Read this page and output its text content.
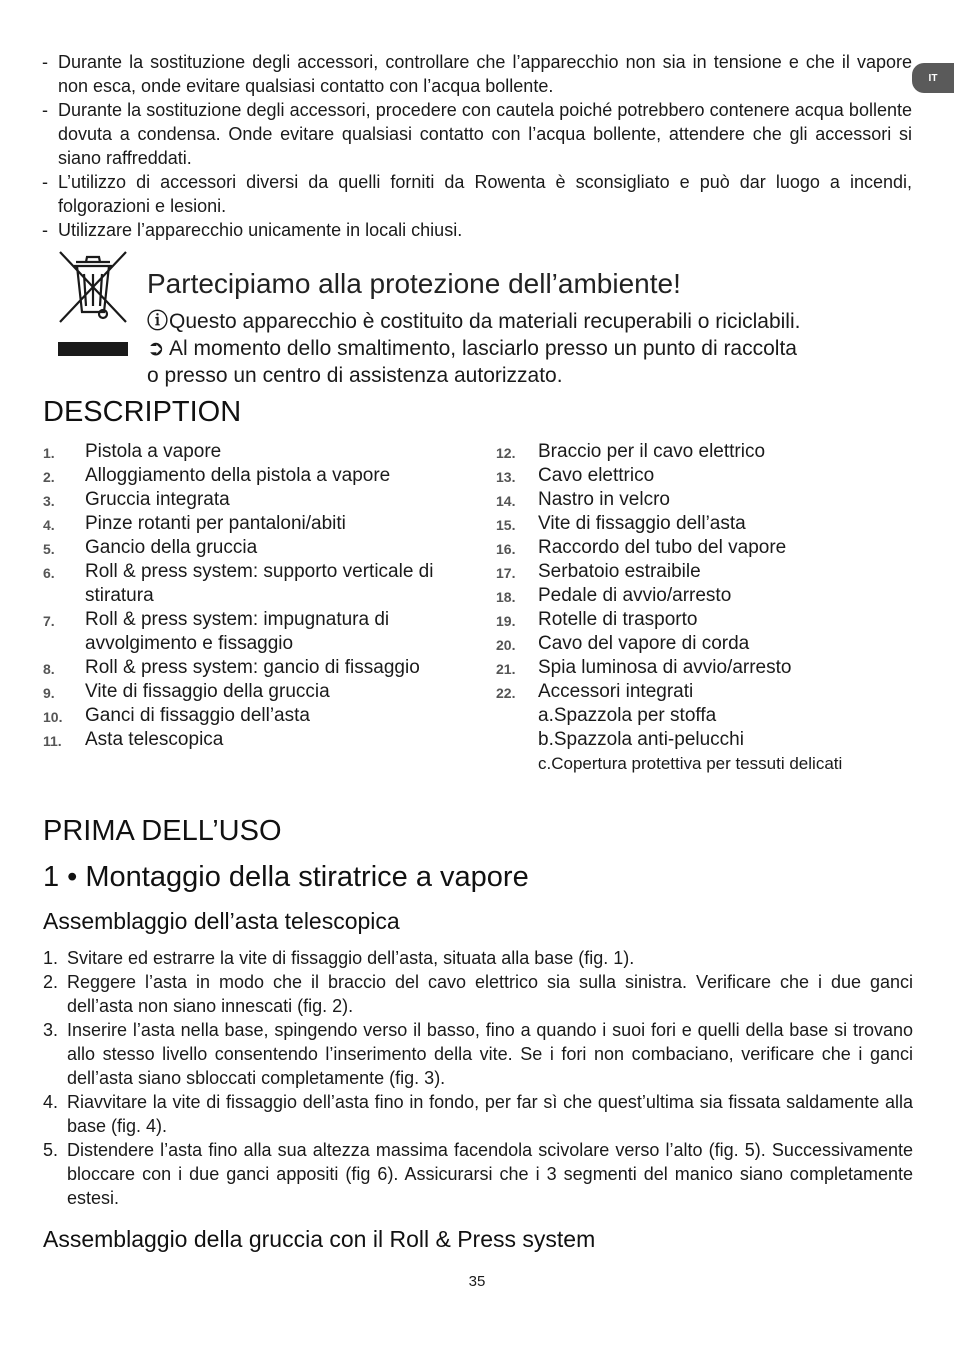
IT
- Durante la sostituzione degli accessori, controllare che l’apparecchio non sia in tensione e che il vapore non esca, onde evitare qualsiasi contatto con l’acqua bollente.
- Durante la sostituzione degli accessori, procedere con cautela poiché potrebbero contenere acqua bollente dovuta a condensa. Onde evitare qualsiasi contatto con l’acqua bollente, attendere che gli accessori si siano raffreddati.
- L’utilizzo di accessori diversi da quelli forniti da Rowenta è sconsigliato e può dar luogo a incendi, folgorazioni e lesioni.
- Utilizzare l’apparecchio unicamente in locali chiusi.
Partecipiamo alla protezione dell’ambiente!
ⓘQuesto apparecchio è costituito da materiali recuperabili o riciclabili.
➲ Al momento dello smaltimento, lasciarlo presso un punto di raccolta
o presso un centro di assistenza autorizzato.
DESCRIPTION
1. Pistola a vapore
2. Alloggiamento della pistola a vapore
3. Gruccia integrata
4. Pinze rotanti per pantaloni/abiti
5. Gancio della gruccia
6. Roll & press system: supporto verticale di stiratura
7. Roll & press system: impugnatura di avvolgimento e fissaggio
8. Roll & press system: gancio di fissaggio
9. Vite di fissaggio della gruccia
10. Ganci di fissaggio dell’asta
11. Asta telescopica
12. Braccio per il cavo elettrico
13. Cavo elettrico
14. Nastro in velcro
15. Vite di fissaggio dell’asta
16. Raccordo del tubo del vapore
17. Serbatoio estraibile
18. Pedale di avvio/arresto
19. Rotelle di trasporto
20. Cavo del vapore di corda
21. Spia luminosa di avvio/arresto
22. Accessori integrati
a.Spazzola per stoffa
b.Spazzola anti-pelucchi
c.Copertura protettiva per tessuti delicati
PRIMA DELL’USO
1 • Montaggio della stiratrice a vapore
Assemblaggio dell’asta telescopica
1. Svitare ed estrarre la vite di fissaggio dell’asta, situata alla base (fig. 1).
2. Reggere l’asta in modo che il braccio del cavo elettrico sia sulla sinistra. Verificare che i due ganci dell’asta non siano innescati (fig. 2).
3. Inserire l’asta nella base, spingendo verso il basso, fino a quando i suoi fori e quelli della base si trovano allo stesso livello consentendo l’inserimento della vite. Se i fori non combaciano, verificare che i ganci dell’asta siano sbloccati completamente (fig. 3).
4. Riavvitare la vite di fissaggio dell’asta fino in fondo, per far sì che quest’ultima sia fissata saldamente alla base (fig. 4).
5. Distendere l’asta fino alla sua altezza massima facendola scivolare verso l’alto (fig. 5). Successivamente bloccare con i due ganci appositi (fig 6). Assicurarsi che i 3 segmenti del manico siano completamente estesi.
Assemblaggio della gruccia con il Roll & Press system
35
